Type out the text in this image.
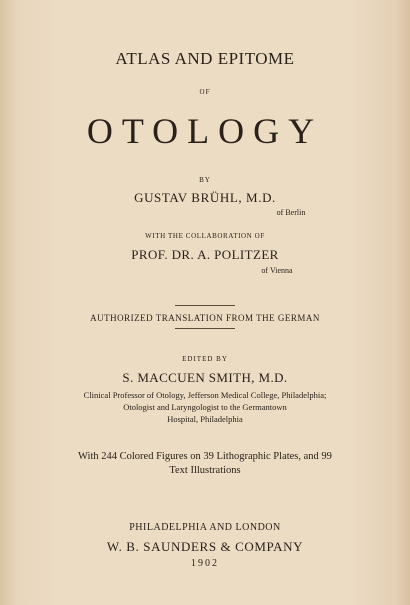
ATLAS AND EPITOME
OF
OTOLOGY
BY
GUSTAV BRÜHL, M.D.
of Berlin
WITH THE COLLABORATION OF
PROF. DR. A. POLITZER
of Vienna
AUTHORIZED TRANSLATION FROM THE GERMAN
EDITED BY
S. MACCUEN SMITH, M.D.
Clinical Professor of Otology, Jefferson Medical College, Philadelphia;
Otologist and Laryngologist to the Germantown
Hospital, Philadelphia
With 244 Colored Figures on 39 Lithographic Plates, and 99
Text Illustrations
PHILADELPHIA AND LONDON
W. B. SAUNDERS & COMPANY
1902
